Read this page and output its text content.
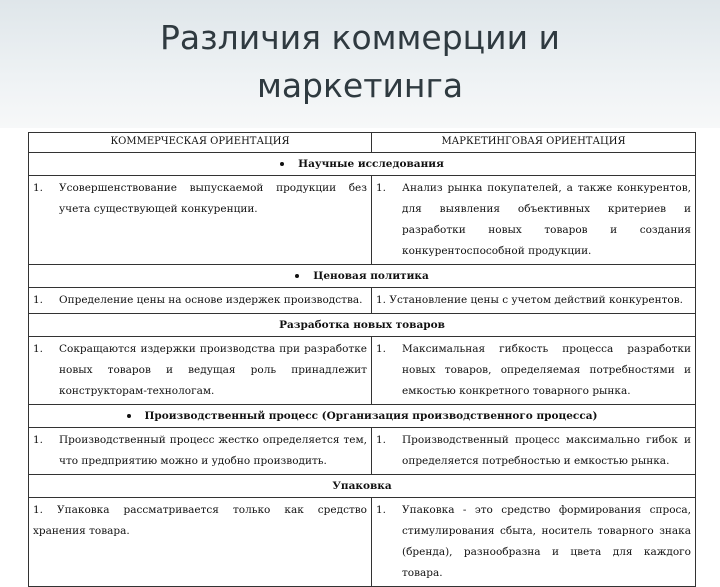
Различия коммерции и маркетинга
КОММЕРЧЕСКАЯ ОРИЕНТАЦИЯ	МАРКЕТИНГОВАЯ ОРИЕНТАЦИЯ
Научные исследования	

1. Усовершенствование выпускаемой продукции без учета существующей конкуренции.	1. Анализ рынка покупателей, а также конкурентов, для выявления объективных критериев и разработки новых товаров и создания конкурентоспособной продукции.

Ценовая политика	

1. Определение цены на основе издержек производства.	1. Установление цены с учетом действий конкурентов.

Разработка новых товаров	

1. Сокращаются издержки производства при разработке новых товаров и ведущая роль принадлежит конструкторам-технологам.	1. Максимальная гибкость процесса разработки новых товаров, определяемая потребностями и емкостью конкретного товарного рынка.

Производственный процесс (Организация производственного процесса)	

1. Производственный процесс жестко определяется тем, что предприятию можно и удобно производить.	1. Производственный процесс максимально гибок и определяется потребностью и емкостью рынка.

Упаковка	

1. Упаковка рассматривается только как средство хранения товара.	1. Упаковка - это средство формирования спроса, стимулирования сбыта, носитель товарного знака (бренда), разнообразна и цвета для каждого товара.
